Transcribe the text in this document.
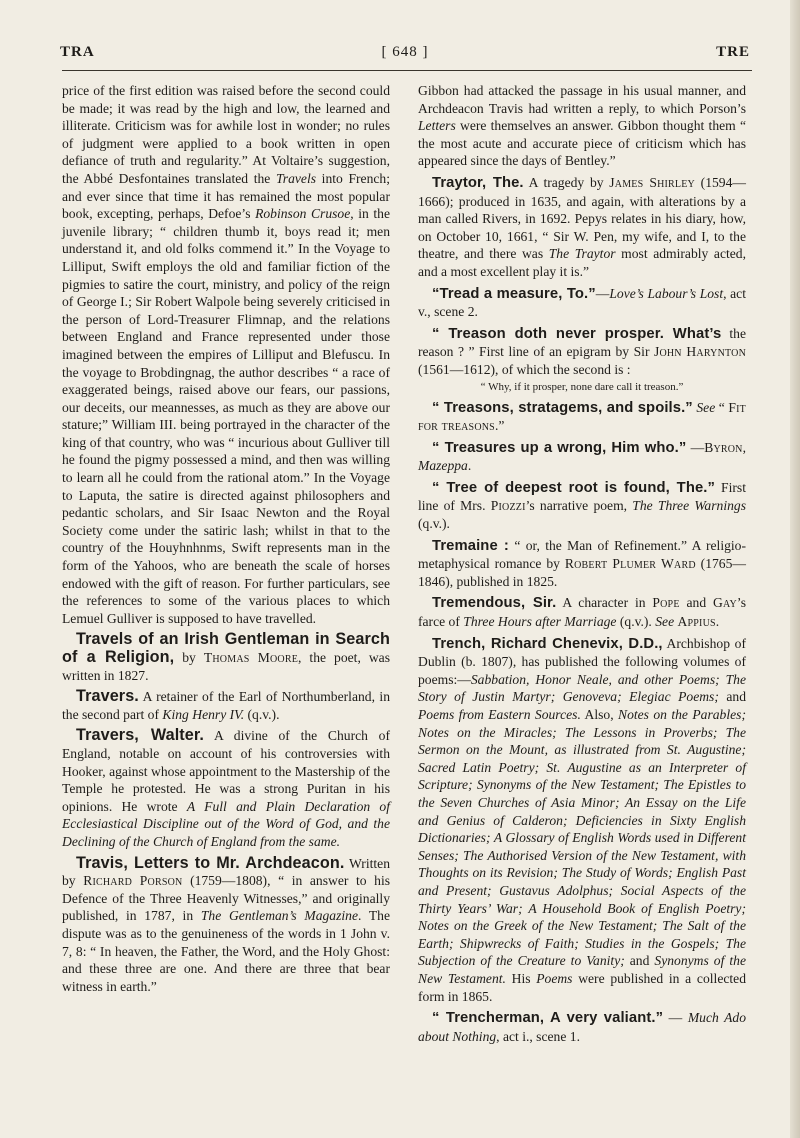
TRA	[ 648 ]	TRE

price of the first edition was raised before the second could be made; it was read by the high and low, the learned and illiterate. Criticism was for awhile lost in wonder; no rules of judgment were applied to a book written in open defiance of truth and regularity.” At Voltaire’s suggestion, the Abbé Desfontaines translated the Travels into French; and ever since that time it has remained the most popular book, excepting, perhaps, Defoe’s Robinson Crusoe, in the juvenile library; “ children thumb it, boys read it; men understand it, and old folks commend it.” In the Voyage to Lilliput, Swift employs the old and familiar fiction of the pigmies to satire the court, ministry, and policy of the reign of George I.; Sir Robert Walpole being severely criticised in the person of Lord-Treasurer Flimnap, and the relations between England and France represented under those imagined between the empires of Lilliput and Blefuscu. In the voyage to Brobdingnag, the author describes “ a race of exaggerated beings, raised above our fears, our passions, our deceits, our meannesses, as much as they are above our stature;” William III. being portrayed in the character of the king of that country, who was “ incurious about Gulliver till he found the pigmy possessed a mind, and then was willing to learn all he could from the rational atom.” In the Voyage to Laputa, the satire is directed against philosophers and pedantic scholars, and Sir Isaac Newton and the Royal Society come under the satiric lash; whilst in that to the country of the Houyhnhnms, Swift represents man in the form of the Yahoos, who are beneath the scale of horses endowed with the gift of reason. For further particulars, see the references to some of the various places to which Lemuel Gulliver is supposed to have travelled.

Travels of an Irish Gentleman in Search of a Religion, by Thomas Moore, the poet, was written in 1827.

Travers. A retainer of the Earl of Northumberland, in the second part of King Henry IV. (q.v.).

Travers, Walter. A divine of the Church of England, notable on account of his controversies with Hooker, against whose appointment to the Mastership of the Temple he protested. He was a strong Puritan in his opinions. He wrote A Full and Plain Declaration of Ecclesiastical Discipline out of the Word of God, and the Declining of the Church of England from the same.

Travis, Letters to Mr. Archdeacon. Written by Richard Porson (1759—1808), “ in answer to his Defence of the Three Heavenly Witnesses,” and originally published, in 1787, in The Gentleman’s Magazine. The dispute was as to the genuineness of the words in 1 John v. 7, 8: “ In heaven, the Father, the Word, and the Holy Ghost: and these three are one. And there are three that bear witness in earth.”

Gibbon had attacked the passage in his usual manner, and Archdeacon Travis had written a reply, to which Porson’s Letters were themselves an answer. Gibbon thought them “ the most acute and accurate piece of criticism which has appeared since the days of Bentley.”

Traytor, The. A tragedy by James Shirley (1594—1666); produced in 1635, and again, with alterations by a man called Rivers, in 1692. Pepys relates in his diary, how, on October 10, 1661, “ Sir W. Pen, my wife, and I, to the theatre, and there was The Traytor most admirably acted, and a most excellent play it is.”

“Tread a measure, To.”—Love’s Labour’s Lost, act v., scene 2.

“ Treason doth never prosper. What’s the reason ? ” First line of an epigram by Sir John Harynton (1561—1612), of which the second is :
“ Why, if it prosper, none dare call it treason.”

“ Treasons, stratagems, and spoils.” See “ Fit for treasons.”

“ Treasures up a wrong, Him who.” —Byron, Mazeppa.

“ Tree of deepest root is found, The.” First line of Mrs. Piozzi’s narrative poem, The Three Warnings (q.v.).

Tremaine : “ or, the Man of Refinement.” A religio-metaphysical romance by Robert Plumer Ward (1765—1846), published in 1825.

Tremendous, Sir. A character in Pope and Gay’s farce of Three Hours after Marriage (q.v.). See Appius.

Trench, Richard Chenevix, D.D., Archbishop of Dublin (b. 1807), has published the following volumes of poems:—Sabbation, Honor Neale, and other Poems; The Story of Justin Martyr; Genoveva; Elegiac Poems; and Poems from Eastern Sources. Also, Notes on the Parables; Notes on the Miracles; The Lessons in Proverbs; The Sermon on the Mount, as illustrated from St. Augustine; Sacred Latin Poetry; St. Augustine as an Interpreter of Scripture; Synonyms of the New Testament; The Epistles to the Seven Churches of Asia Minor; An Essay on the Life and Genius of Calderon; Deficiencies in Sixty English Dictionaries; A Glossary of English Words used in Different Senses; The Authorised Version of the New Testament, with Thoughts on its Revision; The Study of Words; English Past and Present; Gustavus Adolphus; Social Aspects of the Thirty Years’ War; A Household Book of English Poetry; Notes on the Greek of the New Testament; The Salt of the Earth; Shipwrecks of Faith; Studies in the Gospels; The Subjection of the Creature to Vanity; and Synonyms of the New Testament. His Poems were published in a collected form in 1865.

“ Trencherman, A very valiant.” — Much Ado about Nothing, act i., scene 1.
